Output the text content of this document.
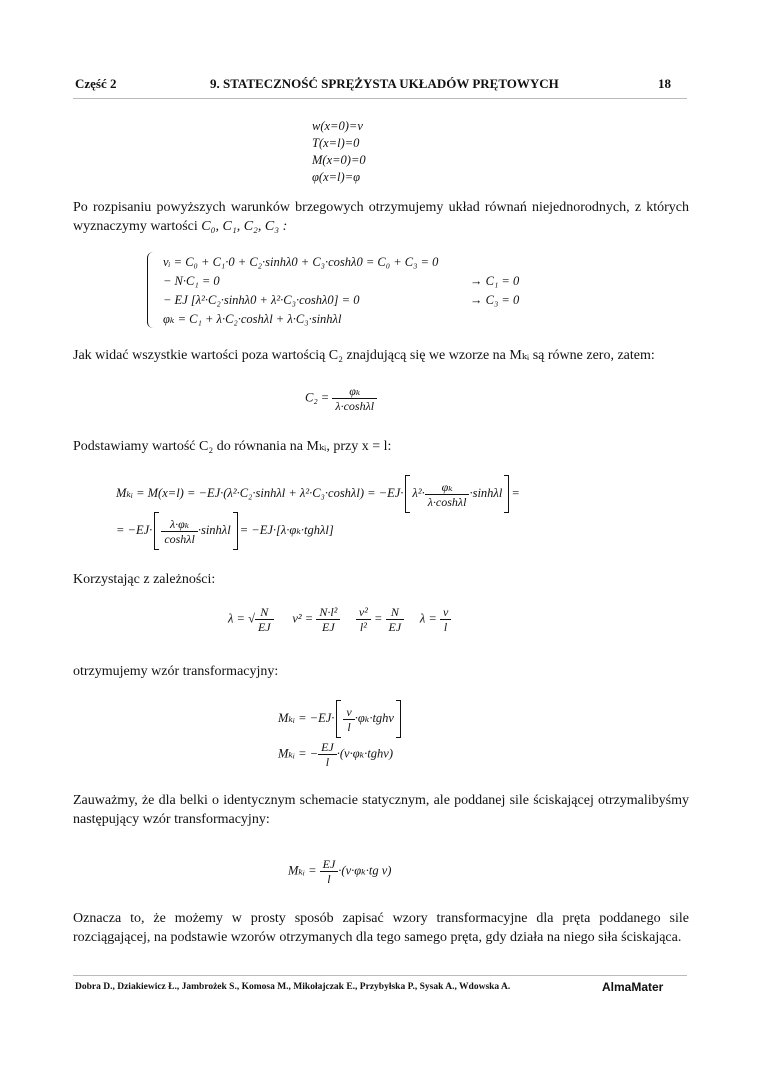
Część 2	9. STATECZNOŚĆ SPRĘŻYSTA UKŁADÓW PRĘTOWYCH	18
w(x=0)=v
T(x=l)=0
M(x=0)=0
φ(x=l)=φ
Po rozpisaniu powyższych warunków brzegowych otrzymujemy układ równań niejednorodnych, z których wyznaczymy wartości C₀, C₁, C₂, C₃ :
vᵢ = C₀ + C₁·0 + C₂·sinhλ0 + C₃·coshλ0 = C₀ + C₃ = 0
− N·C₁ = 0
− EJ [λ²·C₂·sinhλ0 + λ²·C₃·coshλ0] = 0
φₖ = C₁ + λ·C₂·coshλl + λ·C₃·sinhλl
→ C₁ = 0
→ C₃ = 0
Jak widać wszystkie wartości poza wartością C₂ znajdującą się we wzorze na Mₖᵢ są równe zero, zatem:
$C_2 = \frac{\text{φₖ}}{\lambda\cdot\cosh\lambda l}$
Podstawiamy wartość C₂ do równania na Mₖᵢ, przy x = l:
Mₖᵢ = $M(x=l) = -EJ\cdot(\lambda^2\cdot C_2\cdot\sinh\lambda l + \lambda^2\cdot C_3\cdot\cosh\lambda l) = -EJ\cdot \lambda^2\cdot \frac{\text{φₖ}}{\lambda\cdot\cosh\lambda l} \cdot\sinh\lambda l$ =
= $-EJ\cdot \frac{\text{λ·φₖ}}{\cosh\lambda l} \cdot\sinh\lambda l = -EJ\cdot[\lambda\cdot\varphi_k\cdot tgh\lambda l]$
Korzystając z zależności:
λ = √ $\frac{N}{EJ} \nu^2 = \frac{\text{N·l²}}{EJ}$
$\frac{\text{ν²}}{\text{l²}} = \frac{N}{EJ}$ $\lambda = \frac{\nu}{l}$
otrzymujemy wzór transformacyjny:
Mₖᵢ = $-EJ\cdot \frac{\nu}{l} \cdot\varphi_k\cdot tgh\nu$
Mₖᵢ = − $\frac{EJ}{l} \cdot(\nu\cdot\varphi_k\cdot tgh\nu)$
Zauważmy, że dla belki o identycznym schemacie statycznym, ale poddanej sile ściskającej otrzymalibyśmy następujący wzór transformacyjny:
Mₖᵢ = $\frac{EJ}{l} \cdot(\nu\cdot\varphi_k\cdot tg$ ν)
Oznacza to, że możemy w prosty sposób zapisać wzory transformacyjne dla pręta poddanego sile rozciągającej, na podstawie wzorów otrzymanych dla tego samego pręta, gdy działa na niego siła ściskająca.
Dobra D., Dziakiewicz Ł., Jambrożek S., Komosa M., Mikołajczak E., Przybyłska P., Sysak A., Wdowska A.	AlmaMater
